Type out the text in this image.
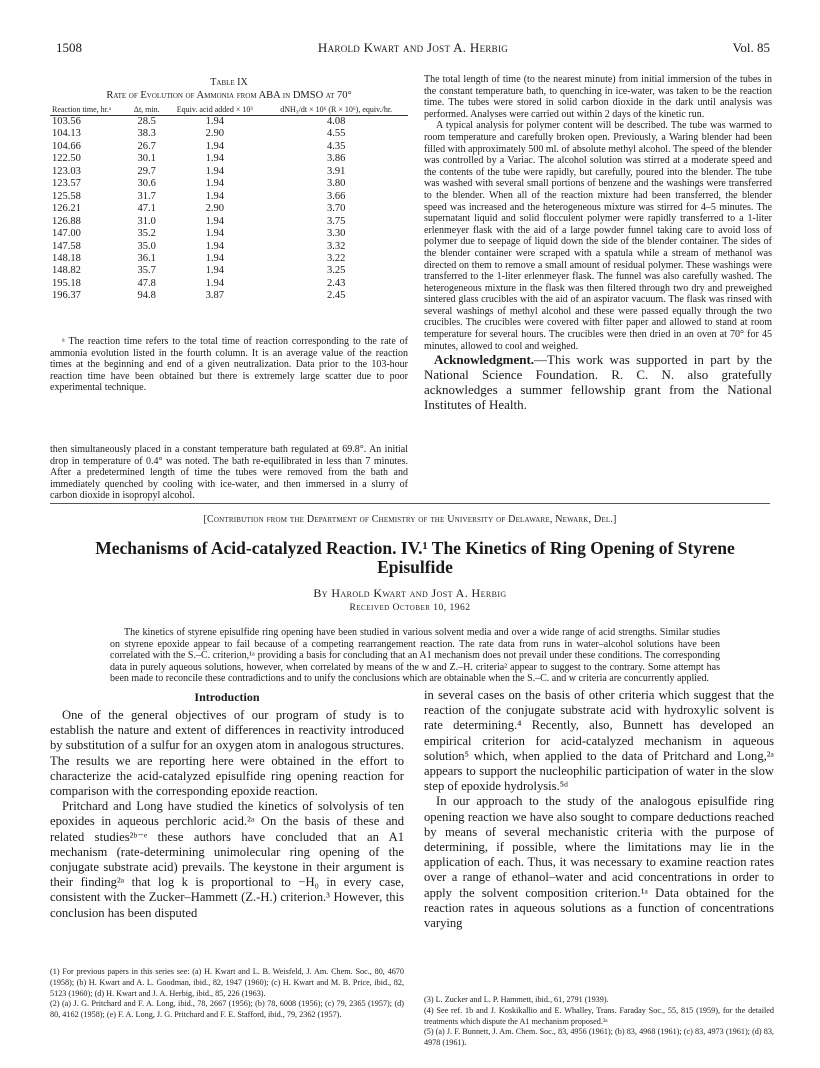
1508	Harold Kwart and Jost A. Herbig	Vol. 85
Table IX
Rate of Evolution of Ammonia from ABA in DMSO at 70°
Reaction time, hr.ᵃ	Δt, min.	Equiv. acid added × 10³	dNH₃/dt × 10⁶ (R × 10⁶), equiv./hr.
103.56	28.5	1.94	4.08
104.13	38.3	2.90	4.55
104.66	26.7	1.94	4.35
122.50	30.1	1.94	3.86
123.03	29.7	1.94	3.91
123.57	30.6	1.94	3.80
125.58	31.7	1.94	3.66
126.21	47.1	2.90	3.70
126.88	31.0	1.94	3.75
147.00	35.2	1.94	3.30
147.58	35.0	1.94	3.32
148.18	36.1	1.94	3.22
148.82	35.7	1.94	3.25
195.18	47.8	1.94	2.43
196.37	94.8	3.87	2.45

ᵃ The reaction time refers to the total time of reaction corresponding to the rate of ammonia evolution listed in the fourth column. It is an average value of the reaction times at the beginning and end of a given neutralization. Data prior to the 103-hour reaction time have been obtained but there is extremely large scatter due to poor experimental technique.

then simultaneously placed in a constant temperature bath regulated at 69.8°. An initial drop in temperature of 0.4° was noted. The bath re-equilibrated in less than 7 minutes. After a predetermined length of time the tubes were removed from the bath and immediately quenched by cooling with ice-water, and then immersed in a slurry of carbon dioxide in isopropyl alcohol.

The total length of time (to the nearest minute) from initial immersion of the tubes in the constant temperature bath, to quenching in ice-water, was taken to be the reaction time. The tubes were stored in solid carbon dioxide in the dark until analysis was performed. Analyses were carried out within 2 days of the kinetic run.

A typical analysis for polymer content will be described. The tube was warmed to room temperature and carefully broken open. Previously, a Waring blender had been filled with approximately 500 ml. of absolute methyl alcohol. The speed of the blender was controlled by a Variac. The alcohol solution was stirred at a moderate speed and the contents of the tube were rapidly, but carefully, poured into the blender. The tube was washed with several small portions of benzene and the washings were transferred to the blender. When all of the reaction mixture had been transferred, the blender speed was increased and the heterogeneous mixture was stirred for 4–5 minutes. The supernatant liquid and solid flocculent polymer were rapidly transferred to a 1-liter erlenmeyer flask with the aid of a large powder funnel taking care to avoid loss of polymer due to seepage of liquid down the side of the blender container. The sides of the blender container were scraped with a spatula while a stream of methanol was directed on them to remove a small amount of residual polymer. These washings were transferred to the 1-liter erlenmeyer flask. The funnel was also carefully washed. The heterogeneous mixture in the flask was then filtered through two dry and preweighed sintered glass crucibles with the aid of an aspirator vacuum. The flask was rinsed with several washings of methyl alcohol and these were passed equally through the two crucibles. The crucibles were covered with filter paper and allowed to stand at room temperature for several hours. The crucibles were then dried in an oven at 70° for 45 minutes, allowed to cool and weighed.

Acknowledgment.—This work was supported in part by the National Science Foundation. R. C. N. also gratefully acknowledges a summer fellowship grant from the National Institutes of Health.
[Contribution from the Department of Chemistry of the University of Delaware, Newark, Del.]
Mechanisms of Acid-catalyzed Reaction. IV.¹ The Kinetics of Ring Opening of Styrene Episulfide
By Harold Kwart and Jost A. Herbig
Received October 10, 1962
The kinetics of styrene episulfide ring opening have been studied in various solvent media and over a wide range of acid strengths. Similar studies on styrene epoxide appear to fail because of a competing rearrangement reaction. The rate data from runs in water–alcohol solutions have been correlated with the S.–C. criterion,¹ᵃ providing a basis for concluding that an A1 mechanism does not prevail under these conditions. The corresponding data in purely aqueous solutions, however, when correlated by means of the w and Z.–H. criteria² appear to suggest to the contrary. Some attempt has been made to reconcile these contradictions and to unify the conclusions which are obtainable when the S.–C. and w criteria are concurrently applied.
Introduction

One of the general objectives of our program of study is to establish the nature and extent of differences in reactivity introduced by substitution of a sulfur for an oxygen atom in analogous structures. The results we are reporting here were obtained in the effort to characterize the acid-catalyzed episulfide ring opening reaction for comparison with the corresponding epoxide reaction.

Pritchard and Long have studied the kinetics of solvolysis of ten epoxides in aqueous perchloric acid.²ᵃ On the basis of these and related studies²ᵇ⁻ᵉ these authors have concluded that an A1 mechanism (rate-determining unimolecular ring opening of the conjugate substrate acid) prevails. The keystone in their argument is their finding²ᵃ that log k is proportional to −H₀ in every case, consistent with the Zucker–Hammett (Z.-H.) criterion.³ However, this conclusion has been disputed

in several cases on the basis of other criteria which suggest that the reaction of the conjugate substrate acid with hydroxylic solvent is rate determining.⁴ Recently, also, Bunnett has developed an empirical criterion for acid-catalyzed mechanism in aqueous solution⁵ which, when applied to the data of Pritchard and Long,²ᵃ appears to support the nucleophilic participation of water in the slow step of epoxide hydrolysis.⁵ᵈ

In our approach to the study of the analogous episulfide ring opening reaction we have also sought to compare deductions reached by means of several mechanistic criteria with the purpose of determining, if possible, where the limitations may lie in the application of each. Thus, it was necessary to examine reaction rates over a range of ethanol–water and acid concentrations in order to apply the solvent composition criterion.¹ᵃ Data obtained for the reaction rates in aqueous solutions as a function of concentrations varying

(1) For previous papers in this series see: (a) H. Kwart and L. B. Weisfeld, J. Am. Chem. Soc., 80, 4670 (1958); (b) H. Kwart and A. L. Goodman, ibid., 82, 1947 (1960); (c) H. Kwart and M. B. Price, ibid., 82, 5123 (1960); (d) H. Kwart and J. A. Herbig, ibid., 85, 226 (1963).

(2) (a) J. G. Pritchard and F. A. Long, ibid., 78, 2667 (1956); (b) 78, 6008 (1956); (c) 79, 2365 (1957); (d) 80, 4162 (1958); (e) F. A. Long, J. G. Pritchard and F. E. Stafford, ibid., 79, 2362 (1957).

(3) L. Zucker and L. P. Hammett, ibid., 61, 2791 (1939).

(4) See ref. 1b and J. Koskikallio and E. Whalley, Trans. Faraday Soc., 55, 815 (1959), for the detailed treatments which dispute the A1 mechanism proposed.²ᵃ

(5) (a) J. F. Bunnett, J. Am. Chem. Soc., 83, 4956 (1961); (b) 83, 4968 (1961); (c) 83, 4973 (1961); (d) 83, 4978 (1961).
